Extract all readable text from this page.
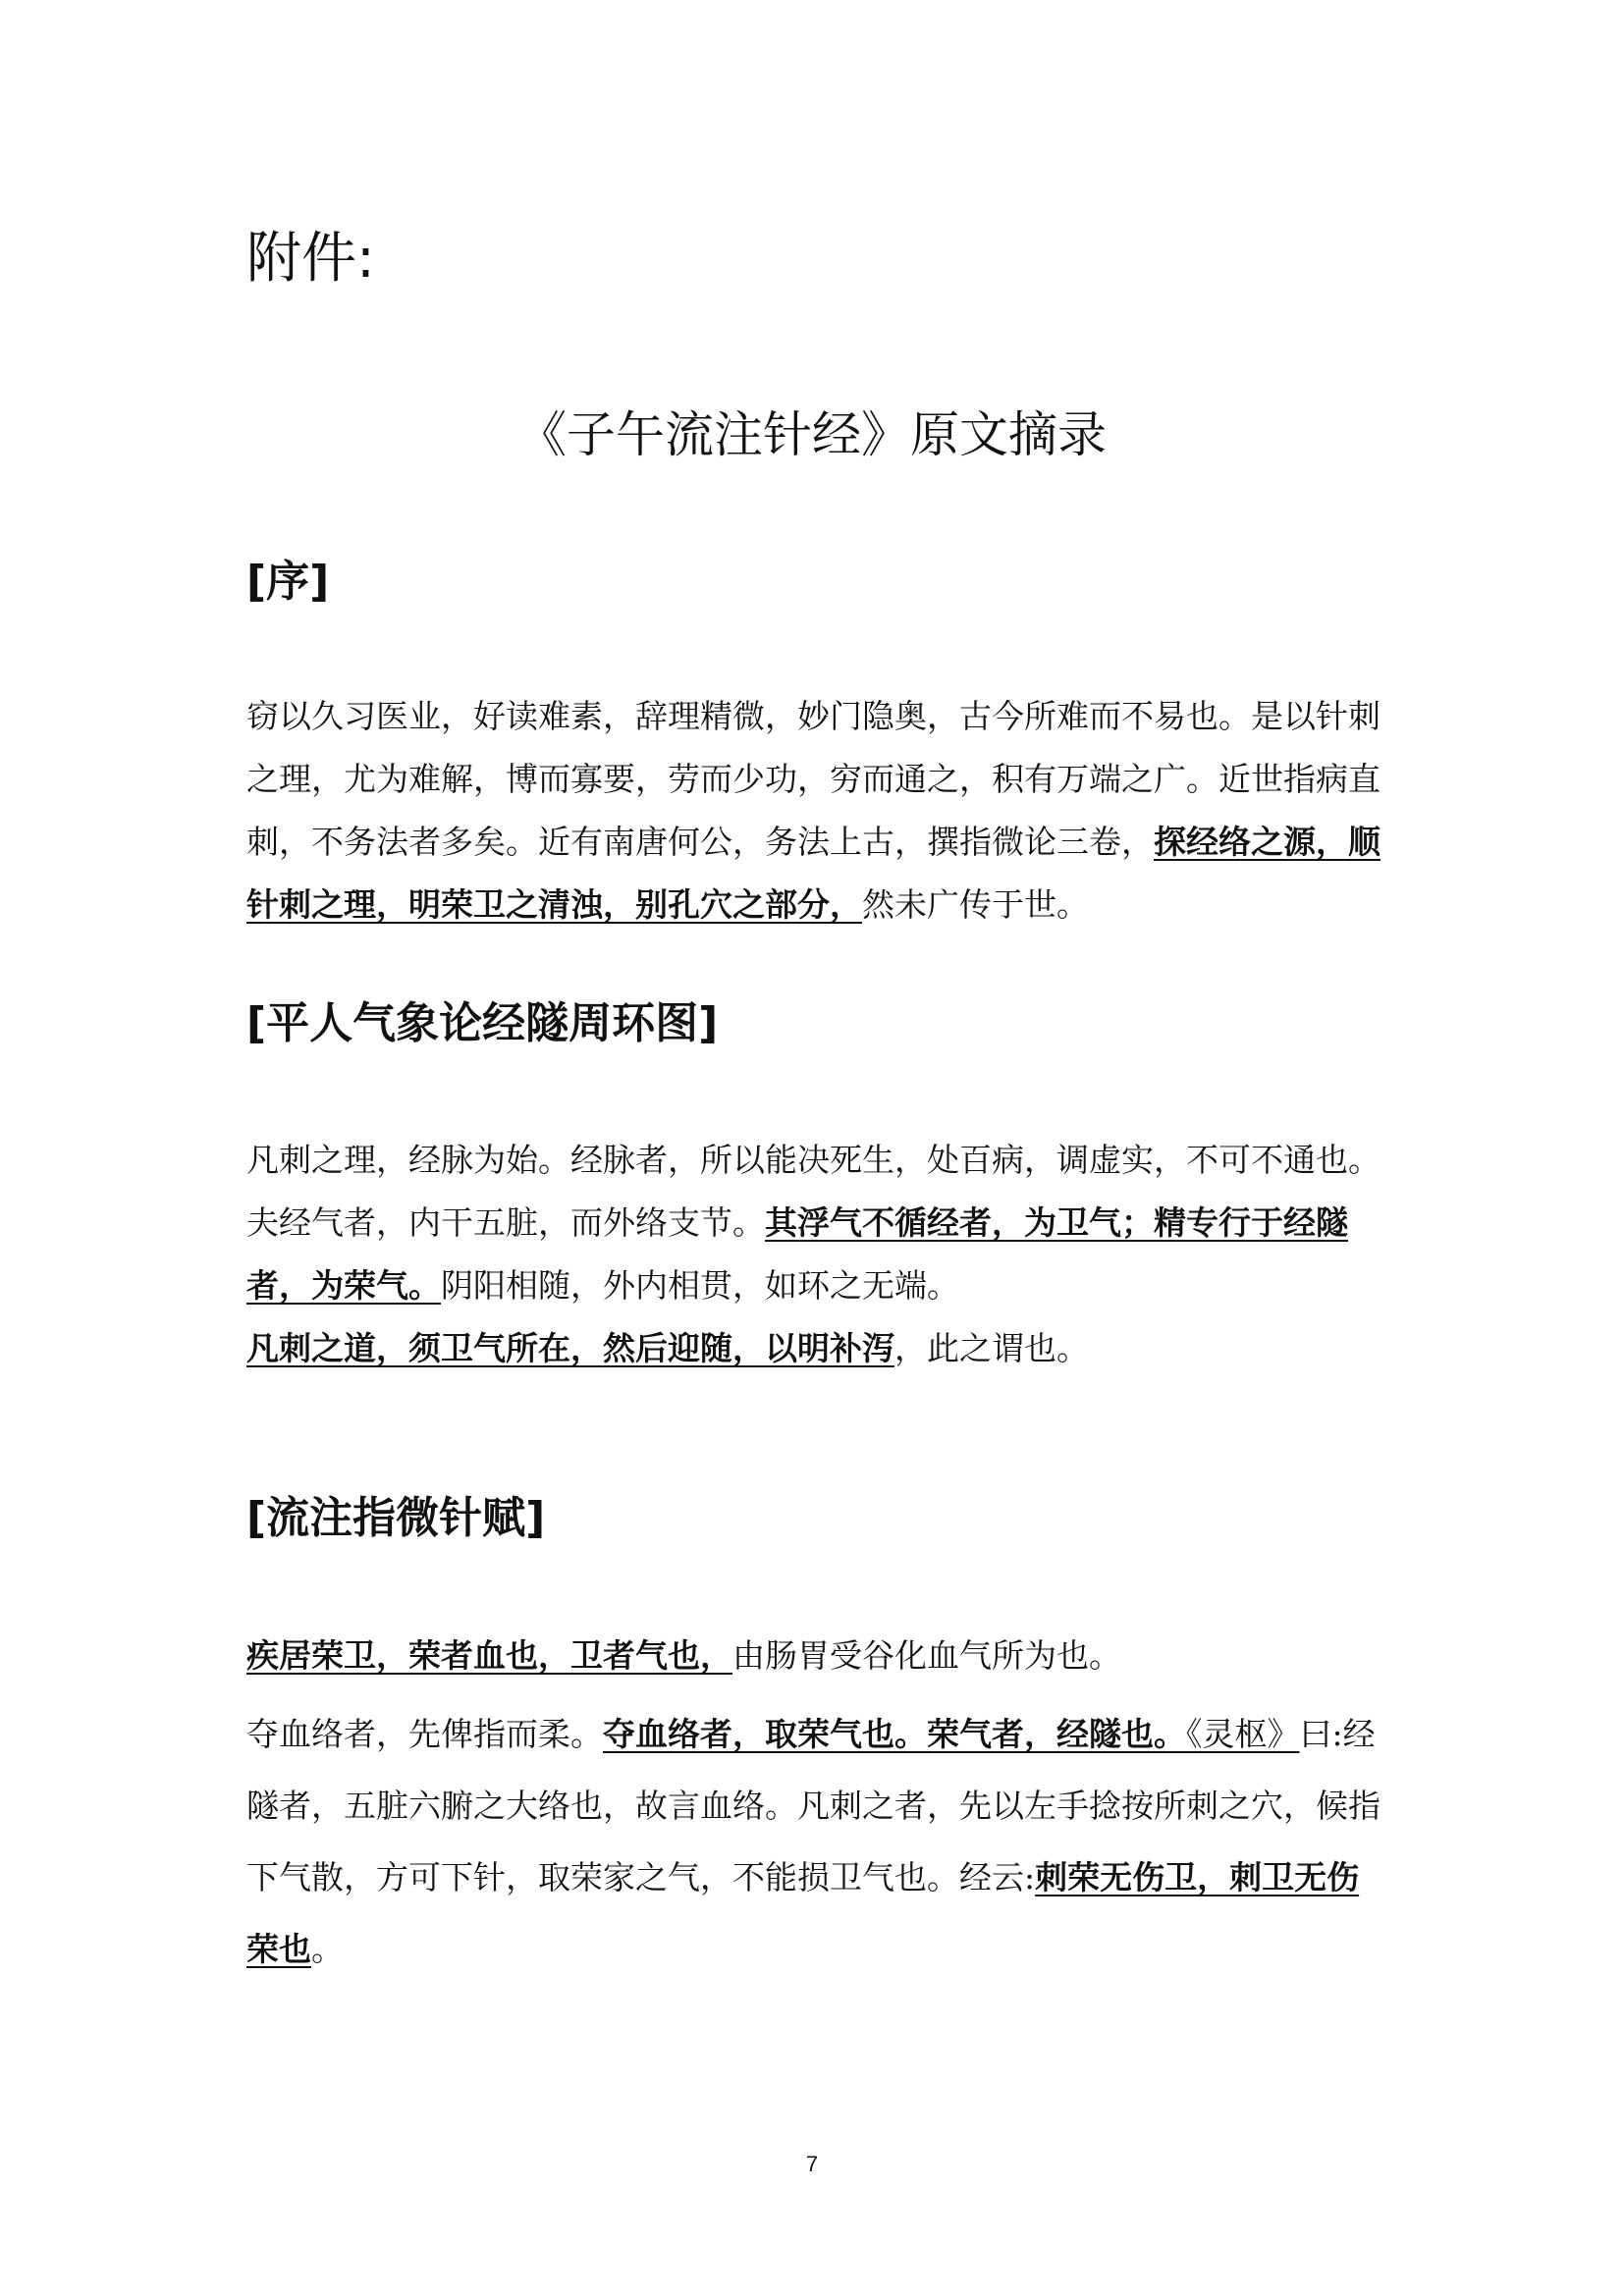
附件:
《子午流注针经》原文摘录
[序]

窃以久习医业，好读难素，辞理精微，妙门隐奥，古今所难而不易也。是以针刺之理，尤为难解，博而寡要，劳而少功，穷而通之，积有万端之广。近世指病直刺，不务法者多矣。近有南唐何公，务法上古，撰指微论三卷，探经络之源，顺针刺之理，明荣卫之清浊，别孔穴之部分，然未广传于世。

[平人气象论经隧周环图]

凡刺之理，经脉为始。经脉者，所以能决死生，处百病，调虚实，不可不通也。夫经气者，内干五脏，而外络支节。其浮气不循经者，为卫气；精专行于经隧者，为荣气。阴阳相随，外内相贯，如环之无端。

凡刺之道，须卫气所在，然后迎随，以明补泻，此之谓也。

[流注指微针赋]

疾居荣卫，荣者血也，卫者气也，由肠胃受谷化血气所为也。

夺血络者，先俾指而柔。夺血络者，取荣气也。荣气者，经隧也。《灵枢》曰:经隧者，五脏六腑之大络也，故言血络。凡刺之者，先以左手捻按所刺之穴，候指下气散，方可下针，取荣家之气，不能损卫气也。经云:刺荣无伤卫，刺卫无伤荣也。

7
